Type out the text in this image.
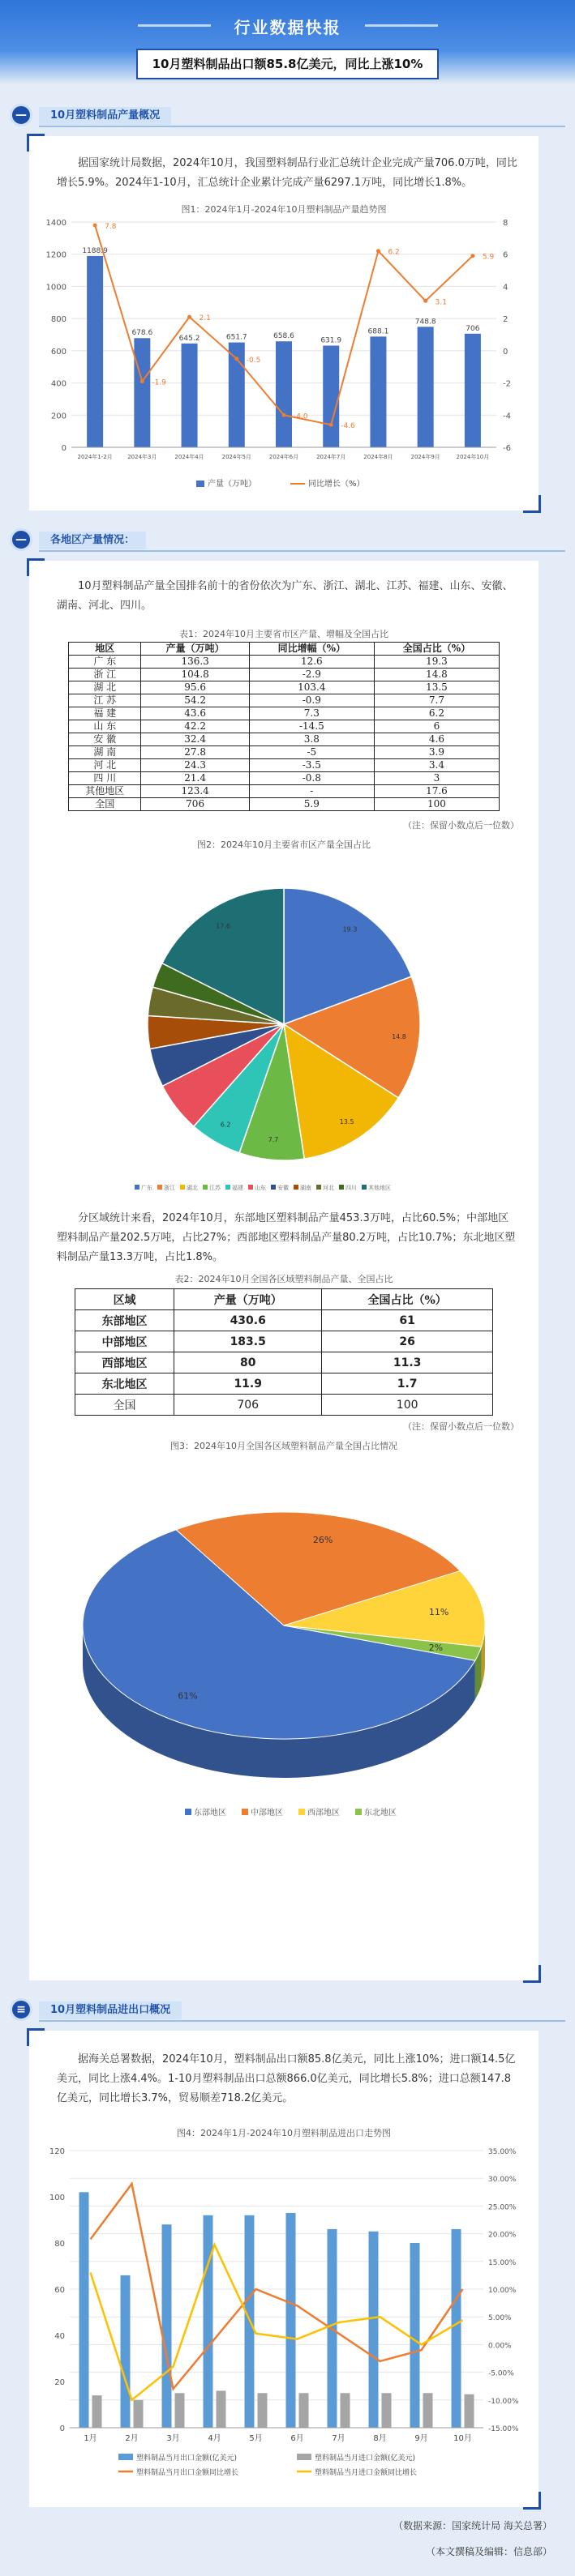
行业数据快报
10月塑料制品出口额85.8亿美元，同比上涨10%
—	10月塑料制品产量概况

据国家统计局数据，2024年10月，我国塑料制品行业汇总统计企业完成产量706.0万吨，同比增长5.9%。2024年1-10月，汇总统计企业累计完成产量6297.1万吨，同比增长1.8%。

图1：2024年1月-2024年10月塑料制品产量趋势图
0
200
400
600
800
1000
1200
1400
-6
-4
-2
0
2
4
6
8
1188.9
2024年1-2月
678.6
2024年3月
645.2
2024年4月
651.7
2024年5月
658.6
2024年6月
631.9
2024年7月
688.1
2024年8月
748.8
2024年9月
706
2024年10月
7.8
-1.9
2.1
-0.5
-4.0
-4.6
6.2
3.1
5.9
产量（万吨）	同比增长（%）
—	各地区产量情况：

10月塑料制品产量全国排名前十的省份依次为广东、浙江、湖北、江苏、福建、山东、安徽、湖南、河北、四川。

表1：2024年10月主要省市区产量、增幅及全国占比
地区	产量（万吨）	同比增幅（%）	全国占比（%）
广 东	136.3	12.6	19.3
浙 江	104.8	-2.9	14.8
湖 北	95.6	103.4	13.5
江 苏	54.2	-0.9	7.7
福 建	43.6	7.3	6.2
山 东	42.2	-14.5	6
安 徽	32.4	3.8	4.6
湖 南	27.8	-5	3.9
河 北	24.3	-3.5	3.4
四 川	21.4	-0.8	3
其他地区	123.4	-	17.6
全国	706	5.9	100
（注：保留小数点后一位数）
图2：2024年10月主要省市区产量全国占比
19.3
14.8
13.5
7.7
6.2
17.6
广东 浙江 湖北 江苏 福建 山东 安徽 湖南 河北 四川 其他地区

分区域统计来看，2024年10月，东部地区塑料制品产量453.3万吨，占比60.5%；中部地区塑料制品产量202.5万吨，占比27%；西部地区塑料制品产量80.2万吨，占比10.7%；东北地区塑料制品产量13.3万吨，占比1.8%。

表2：2024年10月全国各区域塑料制品产量、全国占比
区域	产量（万吨）	全国占比（%）
东部地区	430.6	61
中部地区	183.5	26
西部地区	80	11.3
东北地区	11.9	1.7
全国	706	100
（注：保留小数点后一位数）
图3：2024年10月全国各区域塑料制品产量全国占比情况
61%
26%
11%
2%
东部地区	中部地区	西部地区	东北地区
≡	10月塑料制品进出口概况

据海关总署数据，2024年10月，塑料制品出口额85.8亿美元，同比上涨10%；进口额14.5亿美元，同比上涨4.4%。1-10月塑料制品出口总额866.0亿美元，同比增长5.8%；进口总额147.8亿美元，同比增长3.7%，贸易顺差718.2亿美元。

图4：2024年1月-2024年10月塑料制品进出口走势图
0
20
40
60
80
100
120
-15.00%
-10.00%
-5.00%
0.00%
5.00%
10.00%
15.00%
20.00%
25.00%
30.00%
35.00%
1月	2月	3月	4月	5月	6月	7月	8月	9月	10月
塑料制品当月出口金额(亿美元)	塑料制品当月进口金额(亿美元)
塑料制品当月出口金额同比增长	塑料制品当月进口金额同比增长
（数据来源：国家统计局 海关总署）
（本文撰稿及编辑：信息部）
